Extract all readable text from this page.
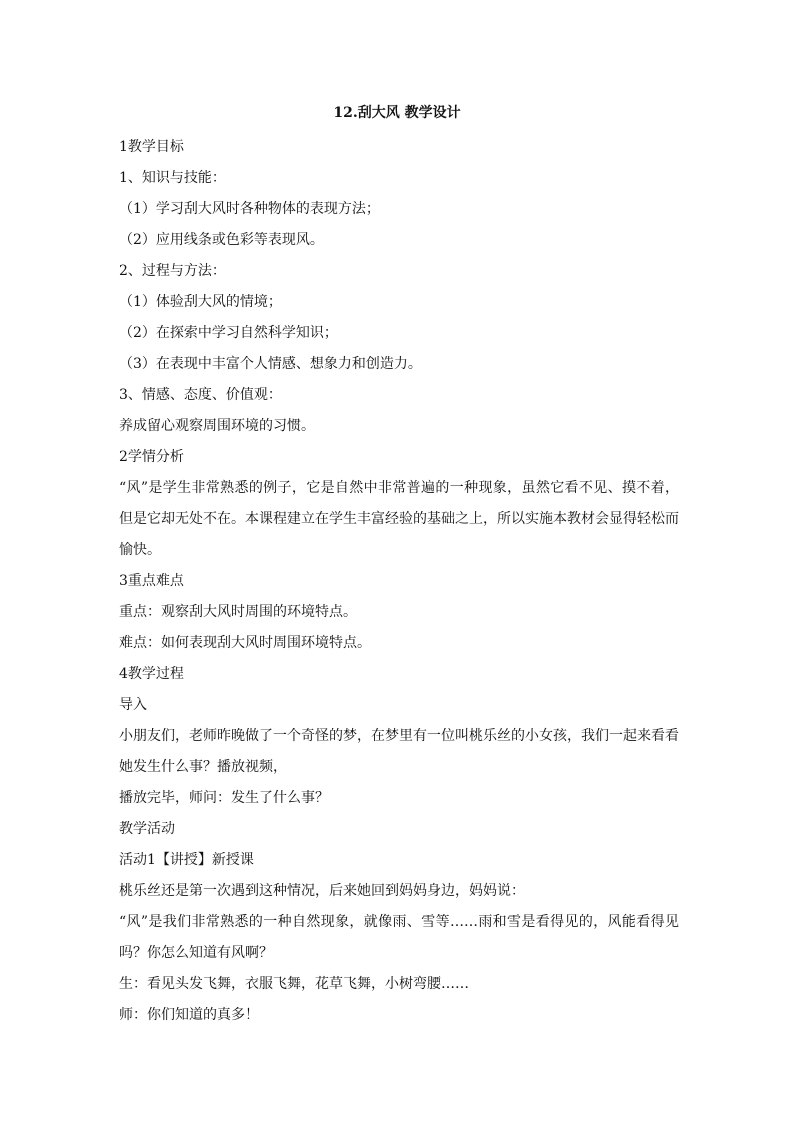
12.刮大风 教学设计
1教学目标
1、知识与技能：
（1）学习刮大风时各种物体的表现方法；
（2）应用线条或色彩等表现风。
2、过程与方法：
（1）体验刮大风的情境；
（2）在探索中学习自然科学知识；
（3）在表现中丰富个人情感、想象力和创造力。
3、情感、态度、价值观：
养成留心观察周围环境的习惯。
2学情分析
“风”是学生非常熟悉的例子，它是自然中非常普遍的一种现象，虽然它看不见、摸不着，但是它却无处不在。本课程建立在学生丰富经验的基础之上，所以实施本教材会显得轻松而愉快。
3重点难点
重点：观察刮大风时周围的环境特点。
难点：如何表现刮大风时周围环境特点。
4教学过程
导入
小朋友们，老师昨晚做了一个奇怪的梦，在梦里有一位叫桃乐丝的小女孩，我们一起来看看她发生什么事？播放视频，
播放完毕，师问：发生了什么事？
教学活动
活动1【讲授】新授课
桃乐丝还是第一次遇到这种情况，后来她回到妈妈身边，妈妈说：
“风”是我们非常熟悉的一种自然现象，就像雨、雪等……雨和雪是看得见的，风能看得见吗？你怎么知道有风啊？
生：看见头发飞舞，衣服飞舞，花草飞舞，小树弯腰……
师：你们知道的真多！
